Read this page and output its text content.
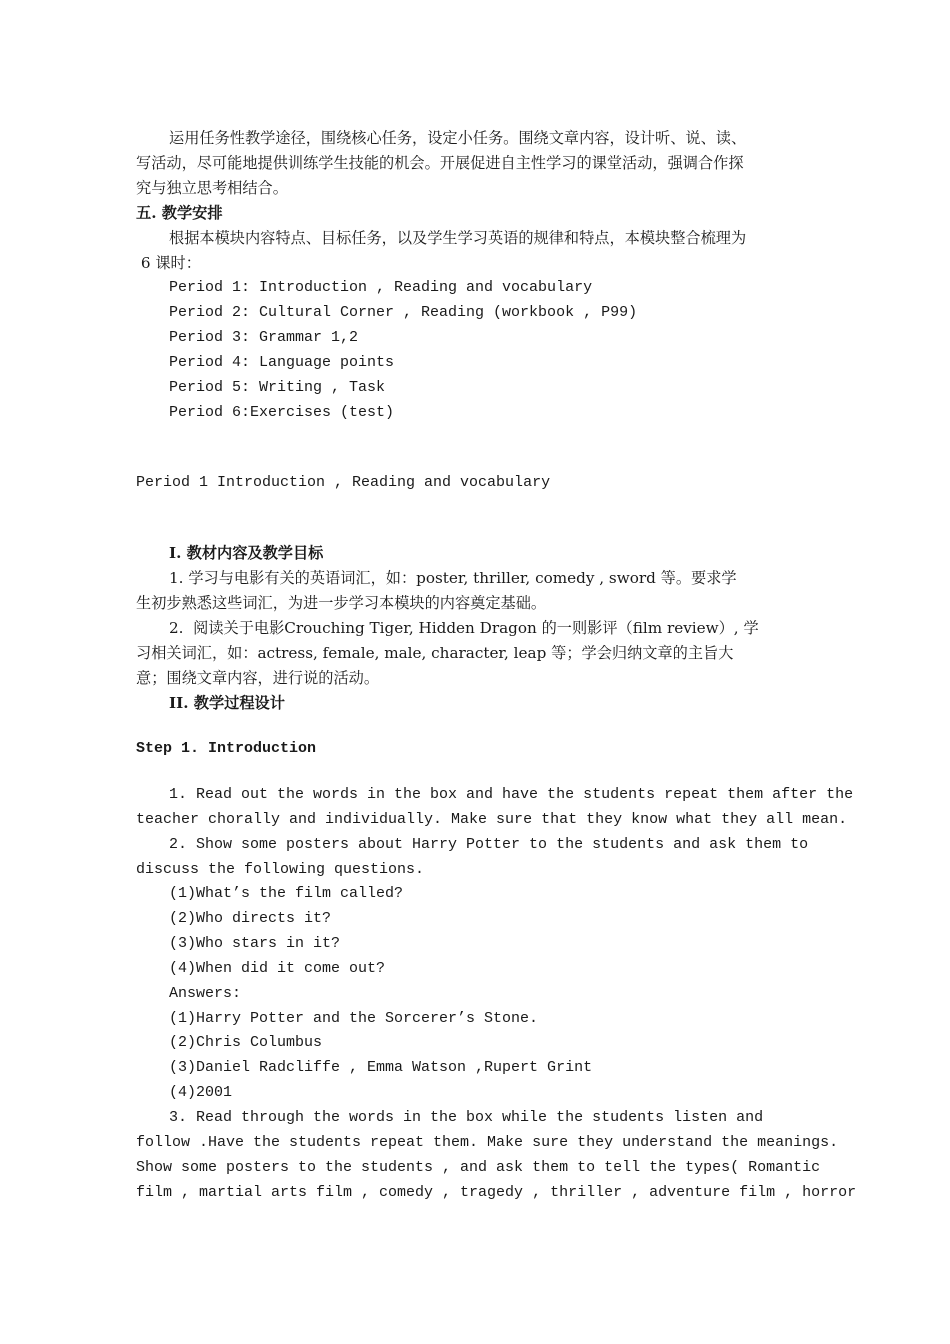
运用任务性教学途径，围绕核心任务，设定小任务。围绕文章内容，设计听、说、读、
写活动，尽可能地提供训练学生技能的机会。开展促进自主性学习的课堂活动，强调合作探
究与独立思考相结合。
五. 教学安排
根据本模块内容特点、目标任务，以及学生学习英语的规律和特点，本模块整合梳理为
6 课时：
Period 1: Introduction , Reading and vocabulary
Period 2: Cultural Corner , Reading (workbook , P99)
Period 3: Grammar 1,2
Period 4: Language points
Period 5: Writing , Task
Period 6:Exercises (test)
Period 1 Introduction , Reading and vocabulary
Ⅰ. 教材内容及教学目标
1. 学习与电影有关的英语词汇，如：poster, thriller, comedy , sword 等。要求学
生初步熟悉这些词汇，为进一步学习本模块的内容奠定基础。
2.  阅读关于电影Crouching Tiger, Hidden Dragon 的一则影评（film review）, 学
习相关词汇，如：actress, female, male, character, leap 等；学会归纳文章的主旨大
意；围绕文章内容，进行说的活动。
II. 教学过程设计
Step 1. Introduction
1. Read out the words in the box and have the students repeat them after the
teacher chorally and individually. Make sure that they know what they all mean.
2. Show some posters about Harry Potter to the students and ask them to
discuss the following questions.
(1)What’s the film called?
(2)Who directs it?
(3)Who stars in it?
(4)When did it come out?
Answers:
(1)Harry Potter and the Sorcerer’s Stone.
(2)Chris Columbus
(3)Daniel Radcliffe , Emma Watson ,Rupert Grint
(4)2001
3. Read through the words in the box while the students listen and
follow .Have the students repeat them. Make sure they understand the meanings.
Show some posters to the students , and ask them to tell the types( Romantic
film , martial arts film , comedy , tragedy , thriller , adventure film , horror
